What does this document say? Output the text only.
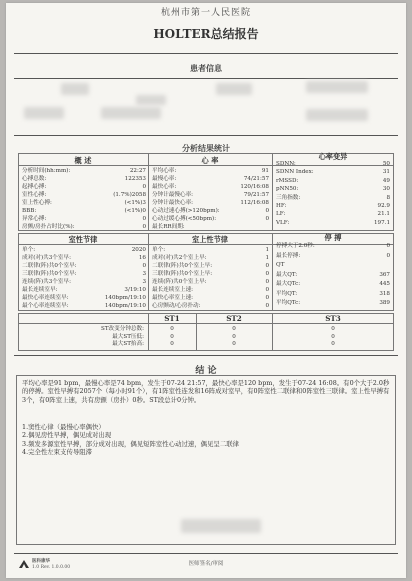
杭州市第一人民医院
HOLTER总结报告
患者信息
分析结果统计
概 述	心 率	心率变异
分析时间(hh:mm):	22:27
心搏总数:	122353
起搏心搏:	0
室性心搏:	(1.7%)2058
室上性心搏:	(<1%)3
BBB:	(<1%)0
异常心搏:	0
房颤/房扑占时比(%):	0
平均心率:	91
最慢心率:	74/21:57
最快心率:	120/16:08
分钟计最慢心率:	79/21:57
分钟计最快心率:	112/16:08
心动过速心搏(>120bpm):	0
心动过缓心搏(<50bpm):	0
最长RR间期:
SDNN:	50
SDNN Index:	31
rMSSD:	49
pNN50:	30
三角指数:	8
HF:	92.9
LF:	21.1
VLF:	197.1
室性节律	室上性节律	停 搏
单个:	2020
成对(对)共3个室早:	16
二联律(阵)共0个室早:	0
三联律(阵)共0个室早:	3
连续(阵)共3个室早:	3
最长连续室早:	3/19:10
最快心率连续室早:	140bpm/19:10
最个心率连续室早:	140bpm/19:10
单个:	1
成对(对)共2个室上早:	1
二联律(阵)共0个室上早:	0
三联律(阵)共0个室上早:	0
连续(阵)共0个室上早:	0
最长连续室上速:	0
最快心率室上速:	0
心房颤动/心房扑动:	0
停搏大于2.0秒:	0
最长停搏:	0
QT
最大QT:	367
最大QTc:	445
平均QT:	318
平均QTc:	389
ST1	ST2	ST3
ST改变分钟总数:	0	0	0
最大ST压低:	0	0	0
最大ST抬高:	0	0	0
结 论
平均心率是91 bpm，最慢心率是74 bpm，发生于07-24 21:57，最快心率是120 bpm，发生于07-24 16:08。有0个大于2.0秒的停搏。室性早搏有2057个（每小时91个），有1阵室性连发和16阵成对室早，有0阵室性二联律和0阵室性三联律。室上性早搏有3个，有0阵室上速，共有房颤（房扑）0秒。ST段总计0分钟。
1.窦性心律（最慢心率偶快）
2.偶见房性早搏，偶见成对出现
3.频发多源室性早搏，部分成对出现，偶见短阵室性心动过速，偶见呈二联律
4.完全性左束支传导阻滞
医科康华
1.0 Rev. 1.0.0.00
医师签名/审阅
